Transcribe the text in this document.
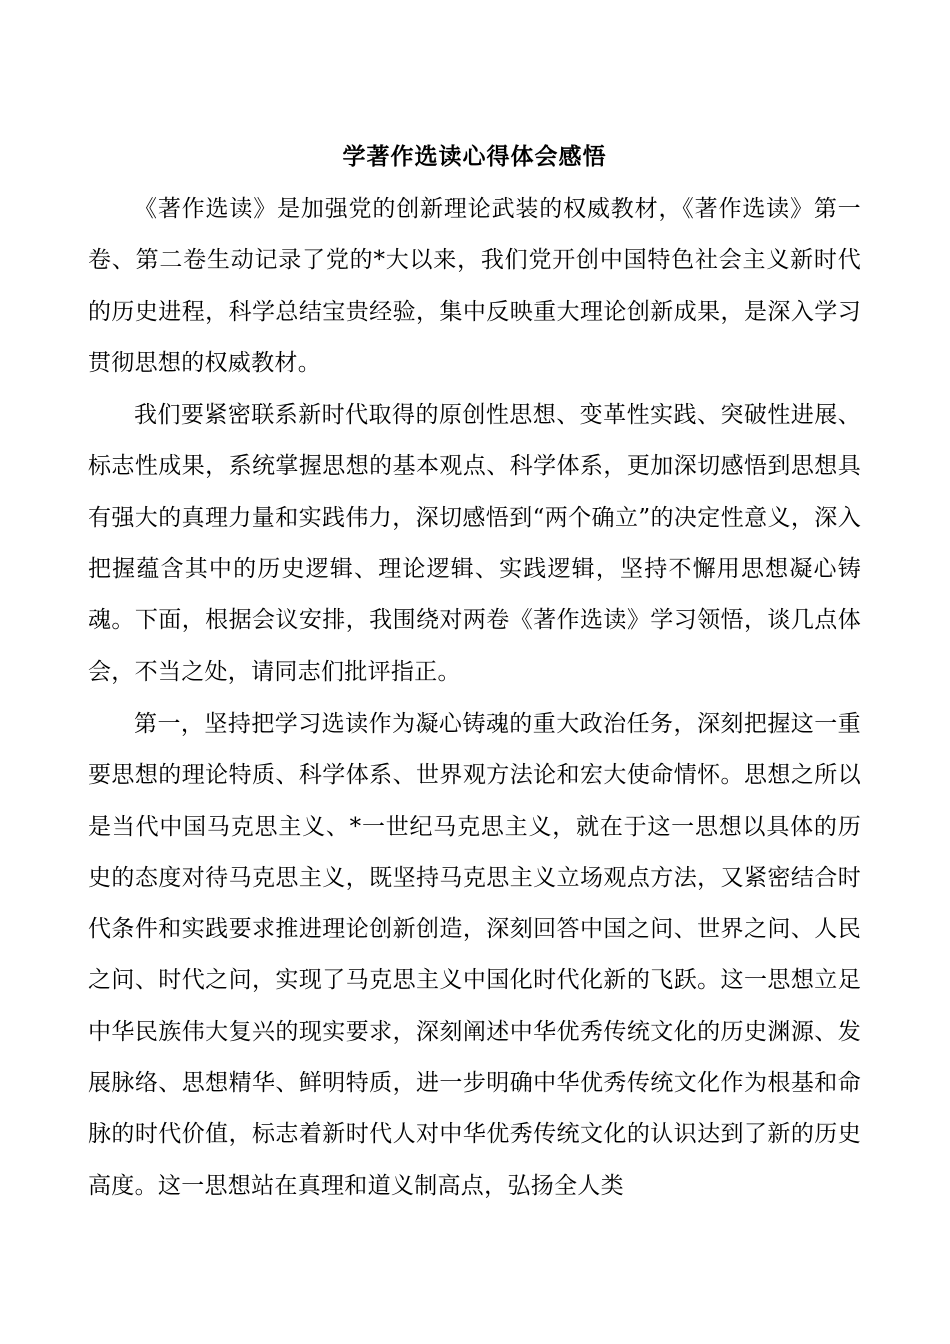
学著作选读心得体会感悟

《著作选读》是加强党的创新理论武装的权威教材，《著作选读》第一卷、第二卷生动记录了党的*大以来，我们党开创中国特色社会主义新时代的历史进程，科学总结宝贵经验，集中反映重大理论创新成果，是深入学习贯彻思想的权威教材。

我们要紧密联系新时代取得的原创性思想、变革性实践、突破性进展、标志性成果，系统掌握思想的基本观点、科学体系，更加深切感悟到思想具有强大的真理力量和实践伟力，深切感悟到“两个确立”的决定性意义，深入把握蕴含其中的历史逻辑、理论逻辑、实践逻辑，坚持不懈用思想凝心铸魂。下面，根据会议安排，我围绕对两卷《著作选读》学习领悟，谈几点体会，不当之处，请同志们批评指正。

第一，坚持把学习选读作为凝心铸魂的重大政治任务，深刻把握这一重要思想的理论特质、科学体系、世界观方法论和宏大使命情怀。思想之所以是当代中国马克思主义、*一世纪马克思主义，就在于这一思想以具体的历史的态度对待马克思主义，既坚持马克思主义立场观点方法，又紧密结合时代条件和实践要求推进理论创新创造，深刻回答中国之问、世界之问、人民之问、时代之问，实现了马克思主义中国化时代化新的飞跃。这一思想立足中华民族伟大复兴的现实要求，深刻阐述中华优秀传统文化的历史渊源、发展脉络、思想精华、鲜明特质，进一步明确中华优秀传统文化作为根基和命脉的时代价值，标志着新时代人对中华优秀传统文化的认识达到了新的历史高度。这一思想站在真理和道义制高点，弘扬全人类
